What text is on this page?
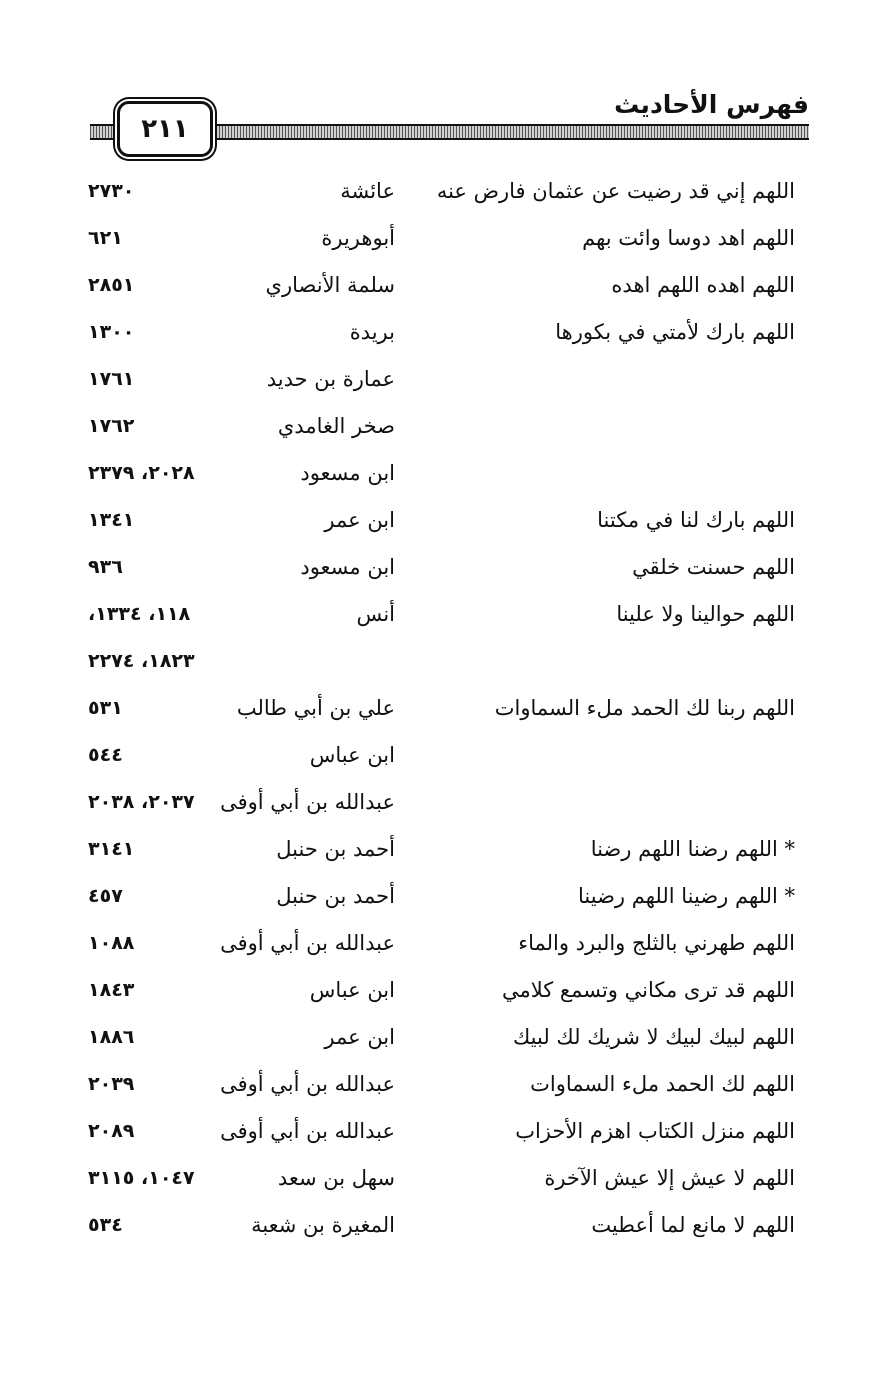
فهرس الأحاديث
٢١١
اللهم إني قد رضيت عن عثمان فارض عنه
عائشة
٢٧٣٠
اللهم اهد دوسا وائت بهم
أبوهريرة
٦٢١
اللهم اهده اللهم اهده
سلمة الأنصاري
٢٨٥١
اللهم بارك لأمتي في بكورها
بريدة
١٣٠٠
عمارة بن حديد
١٧٦١
صخر الغامدي
١٧٦٢
ابن مسعود
٢٠٢٨، ٢٣٧٩
اللهم بارك لنا في مكتنا
ابن عمر
١٣٤١
اللهم حسنت خلقي
ابن مسعود
٩٣٦
اللهم حوالينا ولا علينا
أنس
١١٨، ١٣٣٤،
١٨٢٣، ٢٢٧٤
اللهم ربنا لك الحمد ملء السماوات
علي بن أبي طالب
٥٣١
ابن عباس
٥٤٤
عبدالله بن أبي أوفى
٢٠٣٧، ٢٠٣٨
* اللهم رضنا اللهم رضنا
أحمد بن حنبل
٣١٤١
* اللهم رضينا اللهم رضينا
أحمد بن حنبل
٤٥٧
اللهم طهرني بالثلج والبرد والماء
عبدالله بن أبي أوفى
١٠٨٨
اللهم قد ترى مكاني وتسمع كلامي
ابن عباس
١٨٤٣
اللهم لبيك لبيك لا شريك لك لبيك
ابن عمر
١٨٨٦
اللهم لك الحمد ملء السماوات
عبدالله بن أبي أوفى
٢٠٣٩
اللهم منزل الكتاب اهزم الأحزاب
عبدالله بن أبي أوفى
٢٠٨٩
اللهم لا عيش إلا عيش الآخرة
سهل بن سعد
١٠٤٧، ٣١١٥
اللهم لا مانع لما أعطيت
المغيرة بن شعبة
٥٣٤
